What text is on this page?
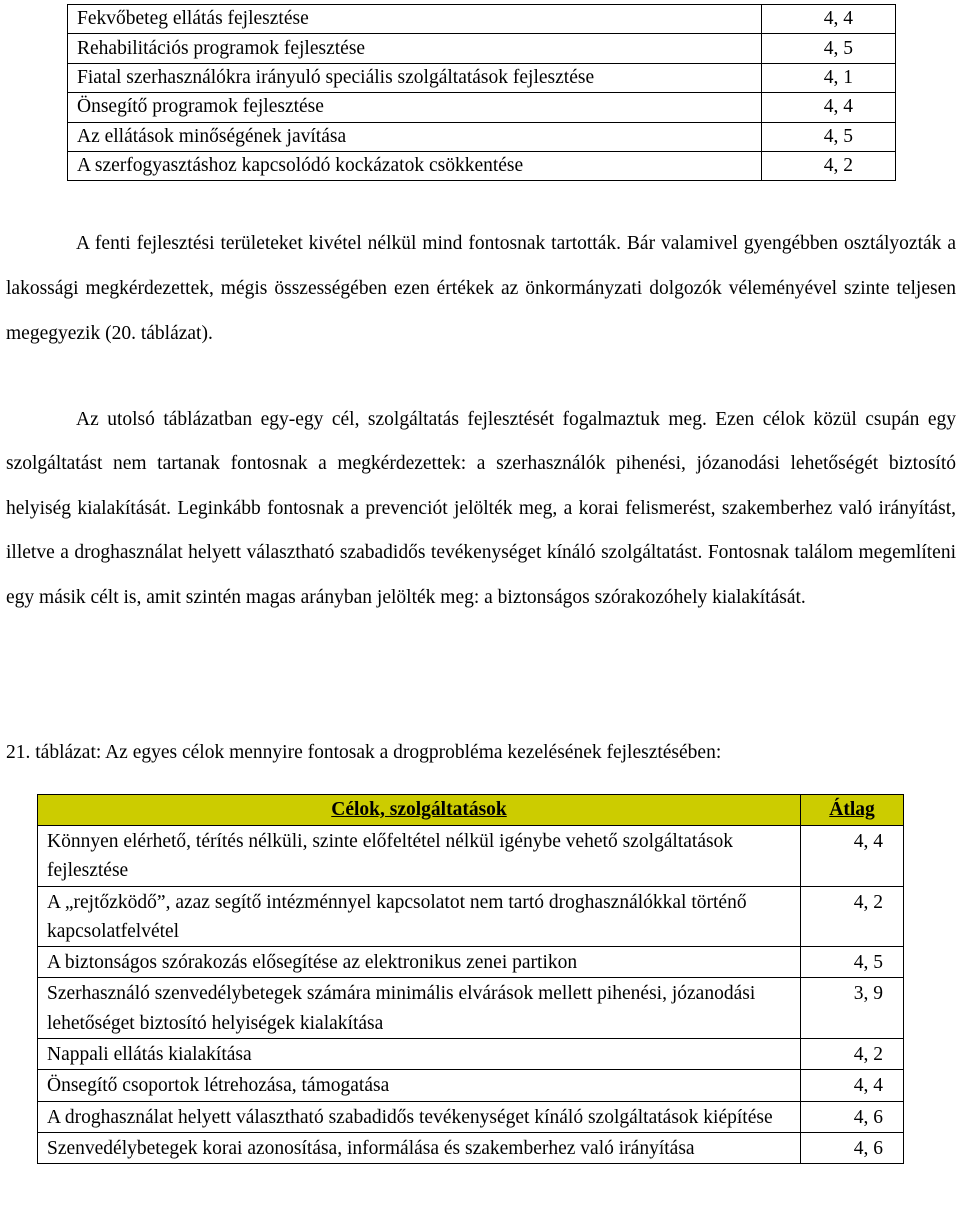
Fekvőbeteg ellátás fejlesztése	4, 4
Rehabilitációs programok fejlesztése	4, 5
Fiatal szerhasználókra irányuló speciális szolgáltatások fejlesztése	4, 1
Önsegítő programok fejlesztése	4, 4
Az ellátások minőségének javítása	4, 5
A szerfogyasztáshoz kapcsolódó kockázatok csökkentése	4, 2

A fenti fejlesztési területeket kivétel nélkül mind fontosnak tartották. Bár valamivel gyengébben osztályozták a lakossági megkérdezettek, mégis összességében ezen értékek az önkormányzati dolgozók véleményével szinte teljesen megegyezik (20. táblázat).

Az utolsó táblázatban egy-egy cél, szolgáltatás fejlesztését fogalmaztuk meg. Ezen célok közül csupán egy szolgáltatást nem tartanak fontosnak a megkérdezettek: a szerhasználók pihenési, józanodási lehetőségét biztosító helyiség kialakítását. Leginkább fontosnak a prevenciót jelölték meg, a korai felismerést, szakemberhez való irányítást, illetve a droghasználat helyett választható szabadidős tevékenységet kínáló szolgáltatást. Fontosnak találom megemlíteni egy másik célt is, amit szintén magas arányban jelölték meg: a biztonságos szórakozóhely kialakítását.

21. táblázat: Az egyes célok mennyire fontosak a drogprobléma kezelésének fejlesztésében:

Célok, szolgáltatások	Átlag
Könnyen elérhető, térítés nélküli, szinte előfeltétel nélkül igénybe vehető szolgáltatások fejlesztése	4, 4
A „rejtőzködő”, azaz segítő intézménnyel kapcsolatot nem tartó droghasználókkal történő kapcsolatfelvétel	4, 2
A biztonságos szórakozás elősegítése az elektronikus zenei partikon	4, 5
Szerhasználó szenvedélybetegek számára minimális elvárások mellett pihenési, józanodási lehetőséget biztosító helyiségek kialakítása	3, 9
Nappali ellátás kialakítása	4, 2
Önsegítő csoportok létrehozása, támogatása	4, 4
A droghasználat helyett választható szabadidős tevékenységet kínáló szolgáltatások kiépítése	4, 6
Szenvedélybetegek korai azonosítása, informálása és szakemberhez való irányítása	4, 6
